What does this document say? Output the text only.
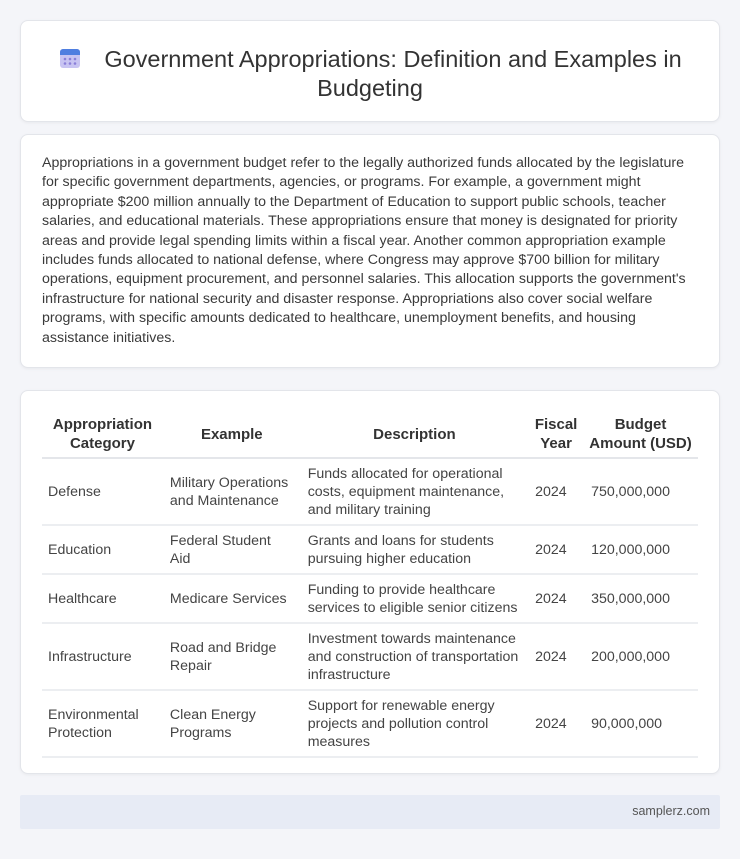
Government Appropriations: Definition and Examples in Budgeting

Appropriations in a government budget refer to the legally authorized funds allocated by the legislature for specific government departments, agencies, or programs. For example, a government might appropriate $200 million annually to the Department of Education to support public schools, teacher salaries, and educational materials. These appropriations ensure that money is designated for priority areas and provide legal spending limits within a fiscal year. Another common appropriation example includes funds allocated to national defense, where Congress may approve $700 billion for military operations, equipment procurement, and personnel salaries. This allocation supports the government's infrastructure for national security and disaster response. Appropriations also cover social welfare programs, with specific amounts dedicated to healthcare, unemployment benefits, and housing assistance initiatives.

Appropriation Category	Example	Description	Fiscal Year	Budget Amount (USD)
Defense	Military Operations and Maintenance	Funds allocated for operational costs, equipment maintenance, and military training	2024	750,000,000
Education	Federal Student Aid	Grants and loans for students pursuing higher education	2024	120,000,000
Healthcare	Medicare Services	Funding to provide healthcare services to eligible senior citizens	2024	350,000,000
Infrastructure	Road and Bridge Repair	Investment towards maintenance and construction of transportation infrastructure	2024	200,000,000
Environmental Protection	Clean Energy Programs	Support for renewable energy projects and pollution control measures	2024	90,000,000
samplerz.com
